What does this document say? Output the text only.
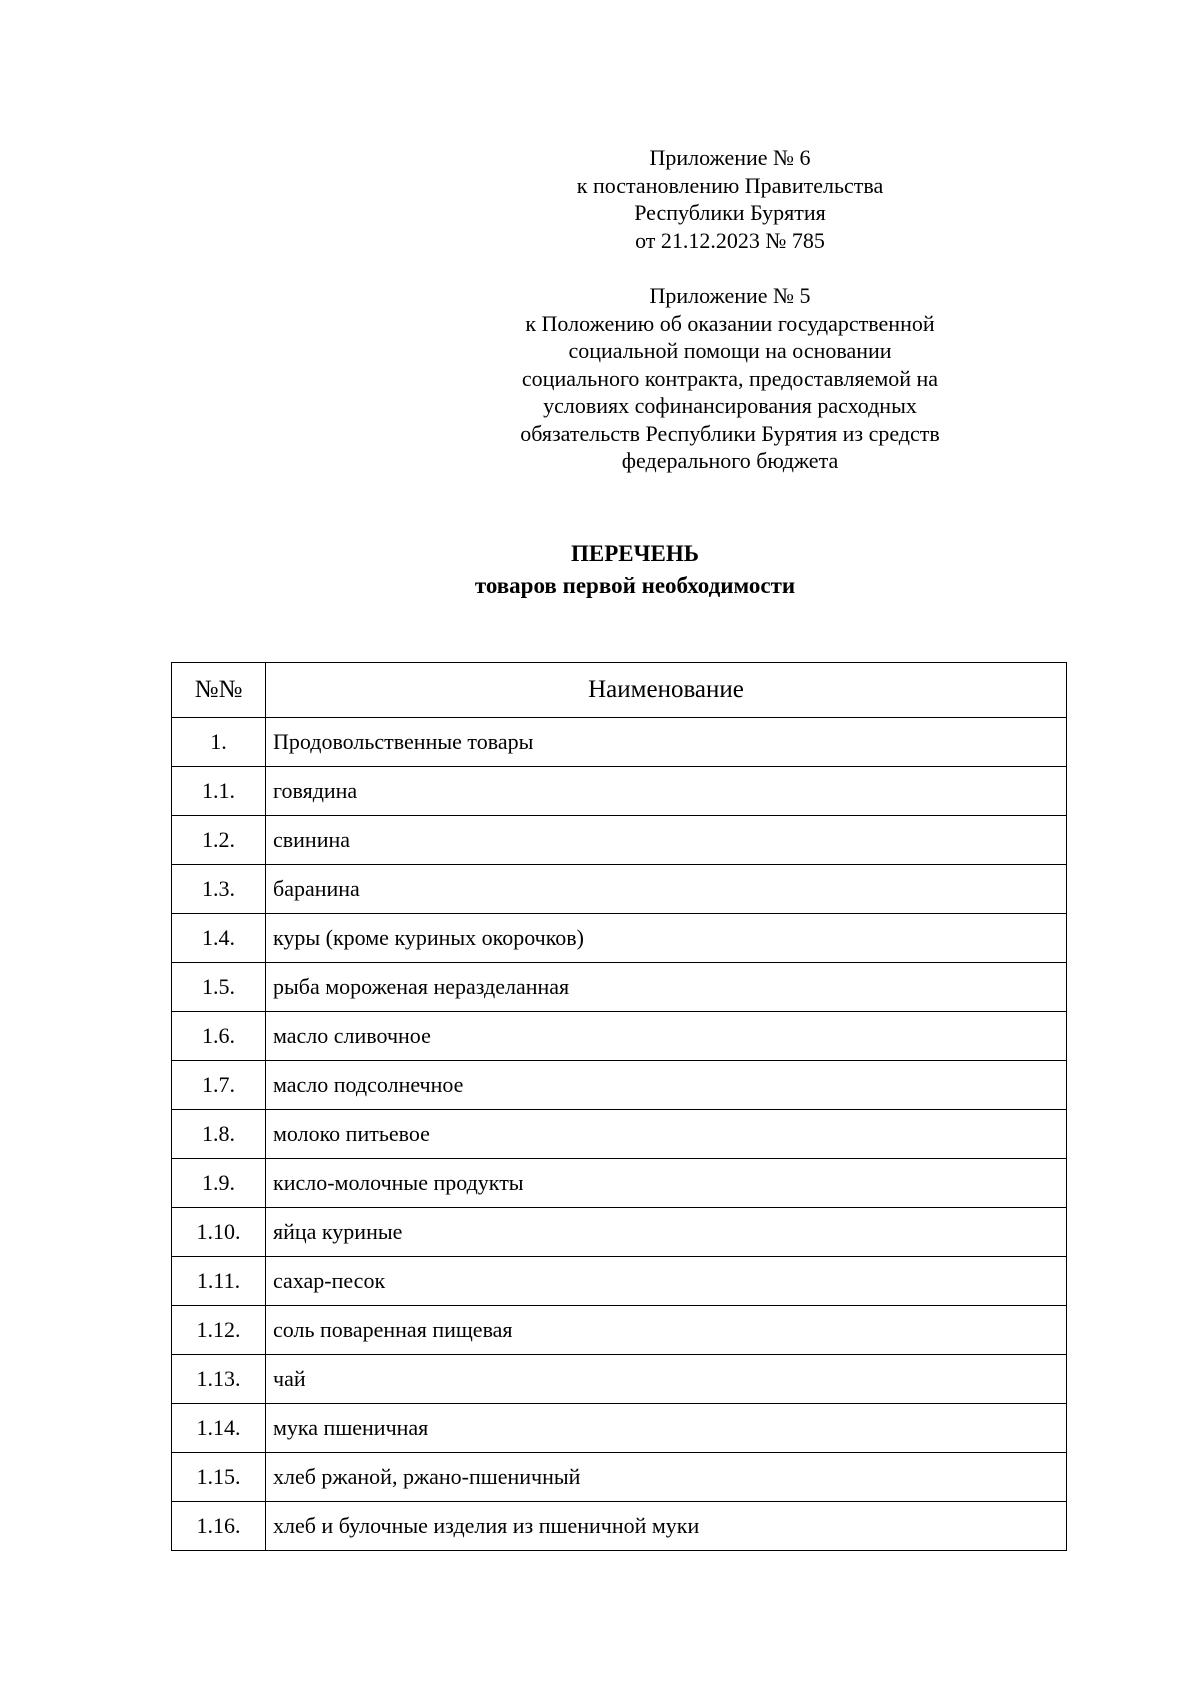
Приложение № 6
к постановлению Правительства
Республики Бурятия
от 21.12.2023 № 785
Приложение № 5
к Положению об оказании государственной
социальной помощи на основании
социального контракта, предоставляемой на
условиях софинансирования расходных
обязательств Республики Бурятия из средств
федерального бюджета
ПЕРЕЧЕНЬ
товаров первой необходимости
№№	Наименование
1.	Продовольственные товары
1.1.	говядина
1.2.	свинина
1.3.	баранина
1.4.	куры (кроме куриных окорочков)
1.5.	рыба мороженая неразделанная
1.6.	масло сливочное
1.7.	масло подсолнечное
1.8.	молоко питьевое
1.9.	кисло-молочные продукты
1.10.	яйца куриные
1.11.	сахар-песок
1.12.	соль поваренная пищевая
1.13.	чай
1.14.	мука пшеничная
1.15.	хлеб ржаной, ржано-пшеничный
1.16.	хлеб и булочные изделия из пшеничной муки
